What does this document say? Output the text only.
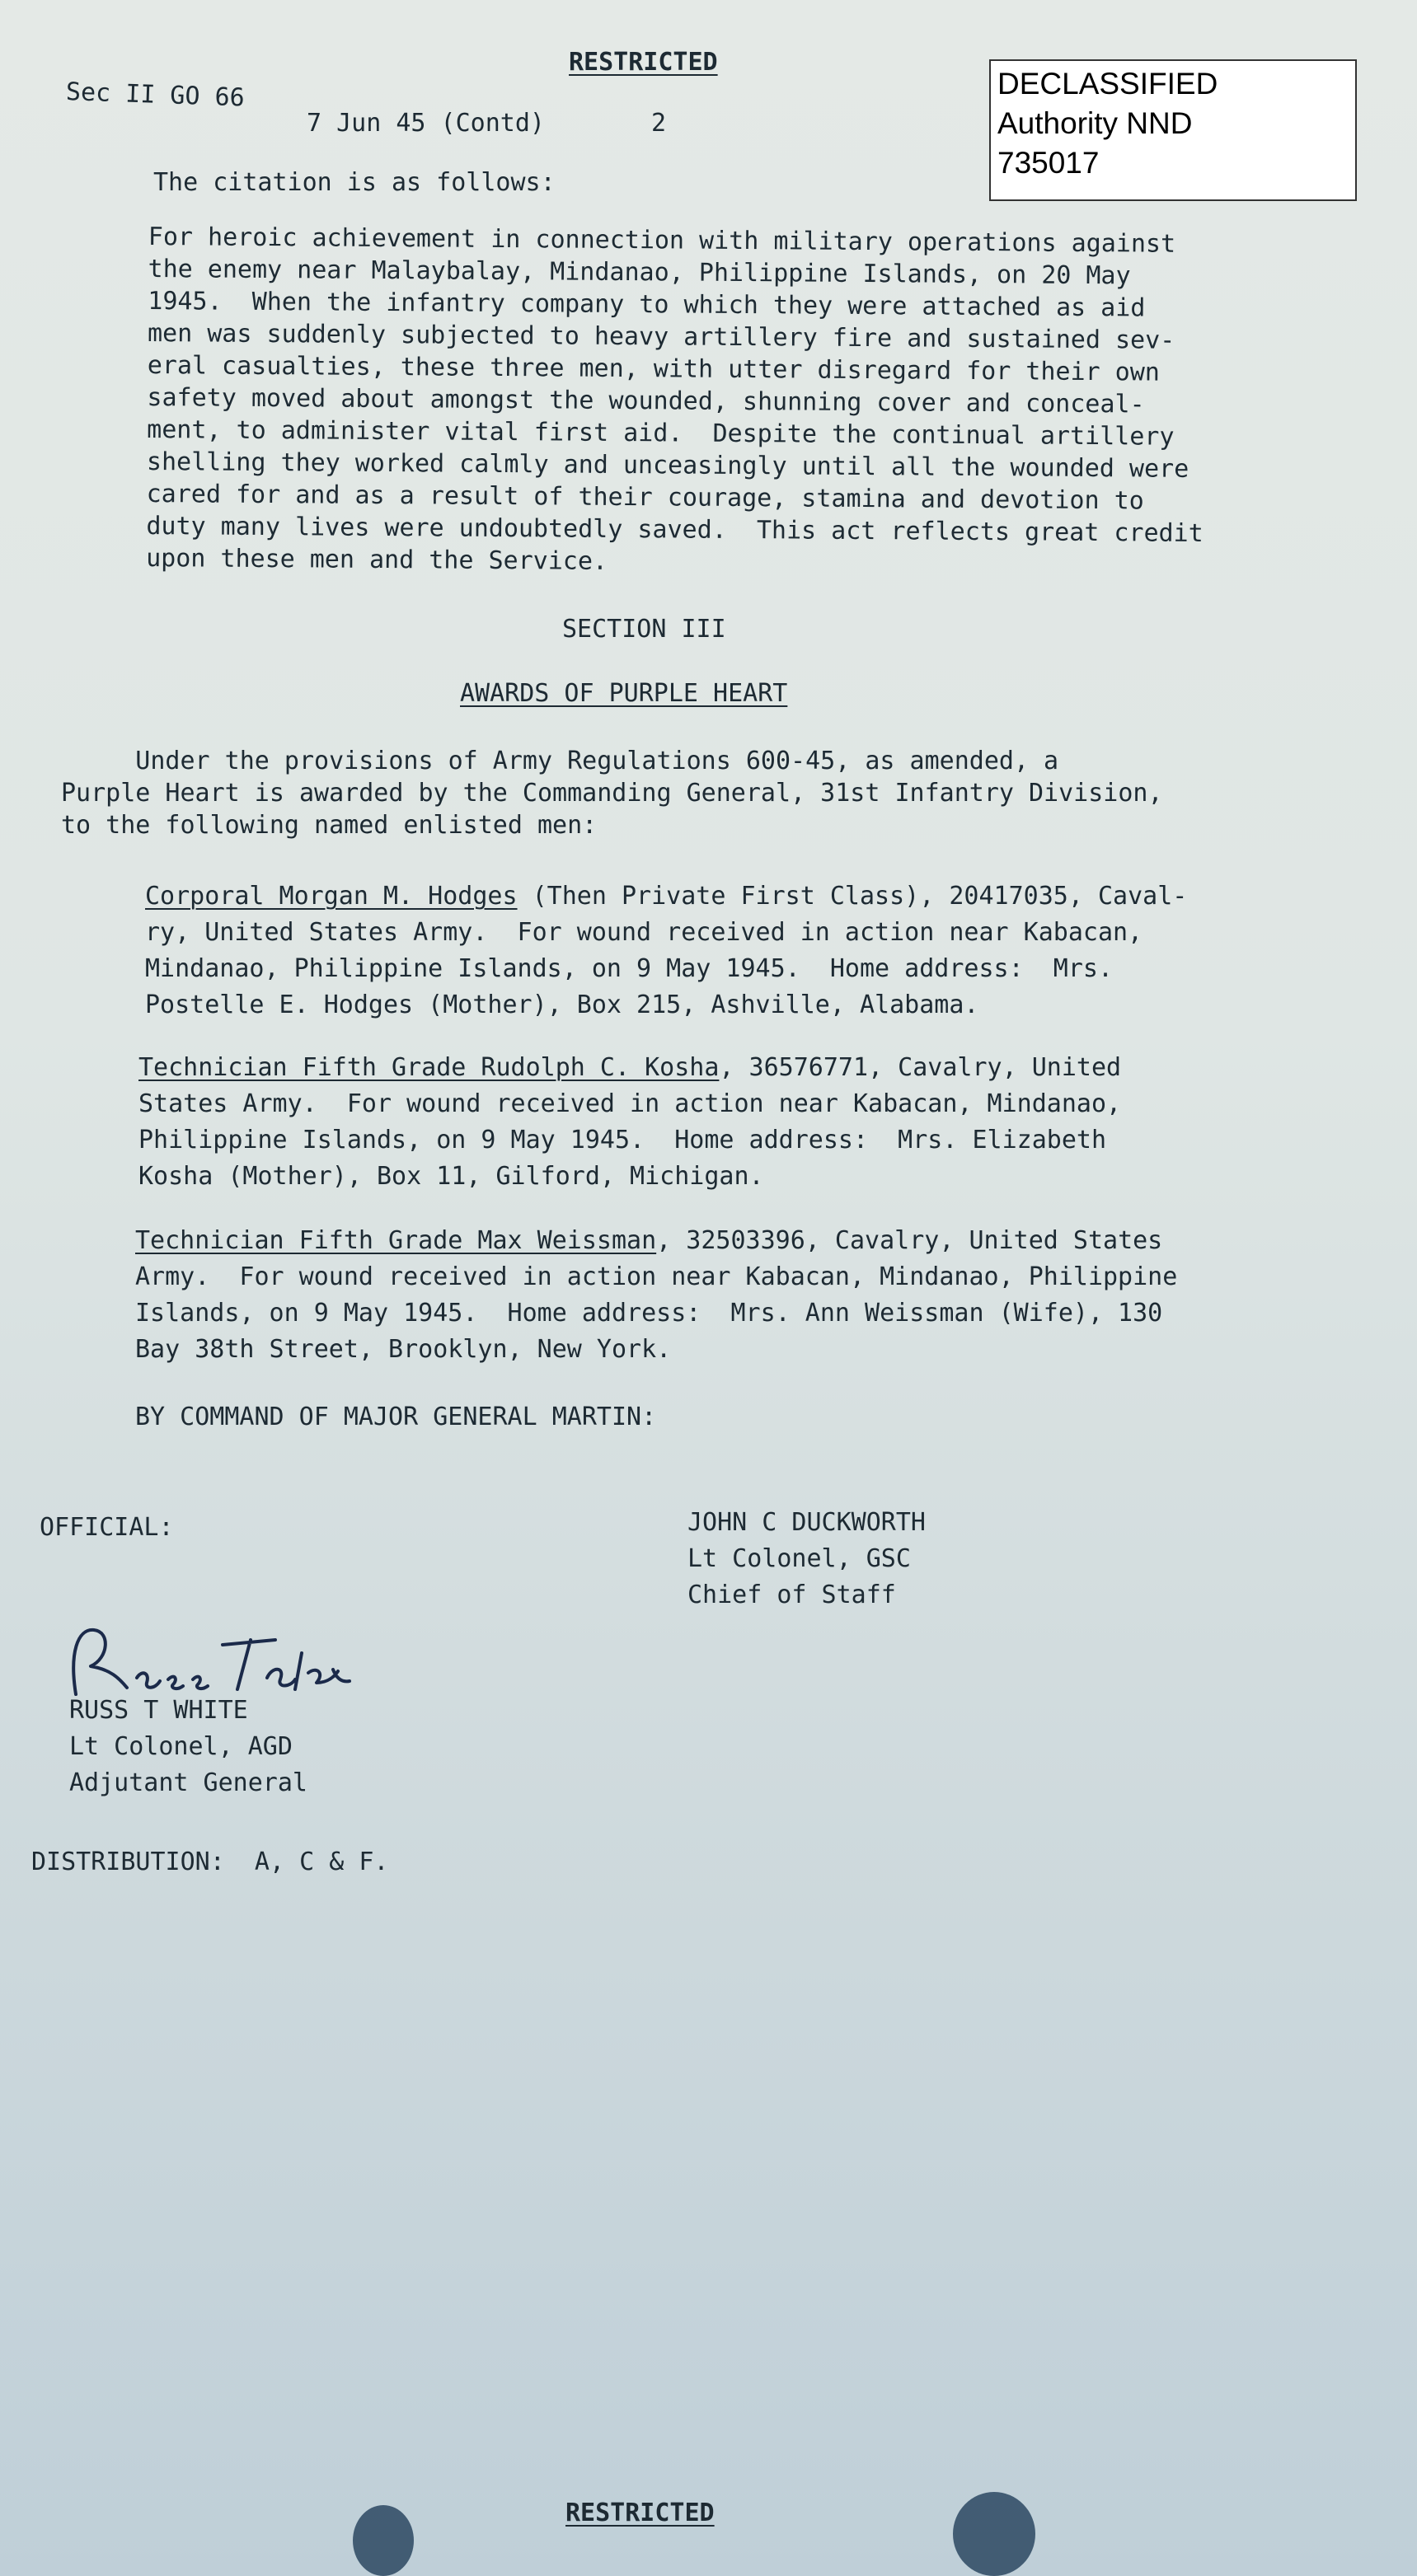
RESTRICTED

Sec II GO 66

7 Jun 45 (Contd)	2

DECLASSIFIED
Authority NND
735017

The citation is as follows:

For heroic achievement in connection with military operations against
the enemy near Malaybalay, Mindanao, Philippine Islands, on 20 May
1945.  When the infantry company to which they were attached as aid
men was suddenly subjected to heavy artillery fire and sustained sev-
eral casualties, these three men, with utter disregard for their own
safety moved about amongst the wounded, shunning cover and conceal-
ment, to administer vital first aid.  Despite the continual artillery
shelling they worked calmly and unceasingly until all the wounded were
cared for and as a result of their courage, stamina and devotion to
duty many lives were undoubtedly saved.  This act reflects great credit
upon these men and the Service.

SECTION III

AWARDS OF PURPLE HEART

Under the provisions of Army Regulations 600-45, as amended, a
Purple Heart is awarded by the Commanding General, 31st Infantry Division,
to the following named enlisted men:
Corporal Morgan M. Hodges (Then Private First Class), 20417035, Caval-
ry, United States Army.  For wound received in action near Kabacan,
Mindanao, Philippine Islands, on 9 May 1945.  Home address:  Mrs.
Postelle E. Hodges (Mother), Box 215, Ashville, Alabama.
Technician Fifth Grade Rudolph C. Kosha, 36576771, Cavalry, United
States Army.  For wound received in action near Kabacan, Mindanao,
Philippine Islands, on 9 May 1945.  Home address:  Mrs. Elizabeth
Kosha (Mother), Box 11, Gilford, Michigan.
Technician Fifth Grade Max Weissman, 32503396, Cavalry, United States
Army.  For wound received in action near Kabacan, Mindanao, Philippine
Islands, on 9 May 1945.  Home address:  Mrs. Ann Weissman (Wife), 130
Bay 38th Street, Brooklyn, New York.

BY COMMAND OF MAJOR GENERAL MARTIN:

OFFICIAL:	JOHN C DUCKWORTH
Lt Colonel, GSC
Chief of Staff
RUSS T WHITE
Lt Colonel, AGD
Adjutant General

DISTRIBUTION:  A, C & F.

RESTRICTED
